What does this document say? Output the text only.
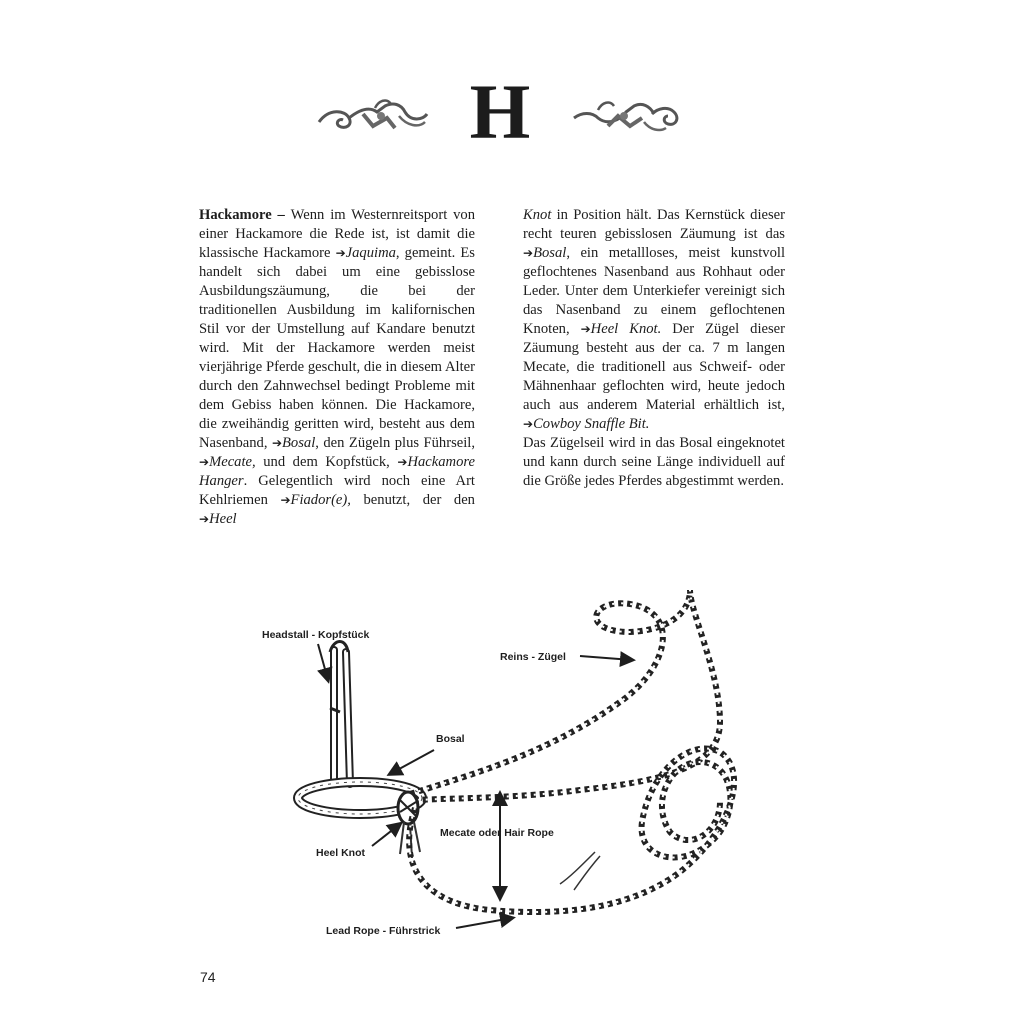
H

Hackamore – Wenn im Westernreitsport von einer Hackamore die Rede ist, ist damit die klassische Hackamore ➔Jaquima, gemeint. Es handelt sich dabei um eine gebisslose Ausbildungszäumung, die bei der traditionellen Ausbildung im kalifornischen Stil vor der Umstellung auf Kandare benutzt wird. Mit der Hackamore werden meist vierjährige Pferde geschult, die in diesem Alter durch den Zahnwechsel bedingt Probleme mit dem Gebiss haben können. Die Hackamore, die zweihändig geritten wird, besteht aus dem Nasenband, ➔Bosal, den Zügeln plus Führseil, ➔Mecate, und dem Kopfstück, ➔Hackamore Hanger. Gelegentlich wird noch eine Art Kehlriemen ➔Fiador(e), benutzt, der den ➔Heel

Knot in Position hält. Das Kernstück dieser recht teuren gebisslosen Zäumung ist das ➔Bosal, ein metallloses, meist kunstvoll geflochtenes Nasenband aus Rohhaut oder Leder. Unter dem Unterkiefer vereinigt sich das Nasenband zu einem geflochtenen Knoten, ➔Heel Knot. Der Zügel dieser Zäumung besteht aus der ca. 7 m langen Mecate, die traditionell aus Schweif- oder Mähnenhaar geflochten wird, heute jedoch auch aus anderem Material erhältlich ist, ➔Cowboy Snaffle Bit.

Das Zügelseil wird in das Bosal eingeknotet und kann durch seine Länge individuell auf die Größe jedes Pferdes abgestimmt werden.

Headstall - Kopfstück
Reins - Zügel
Bosal
Mecate oder Hair Rope
Heel Knot
Lead Rope - Führstrick
74
